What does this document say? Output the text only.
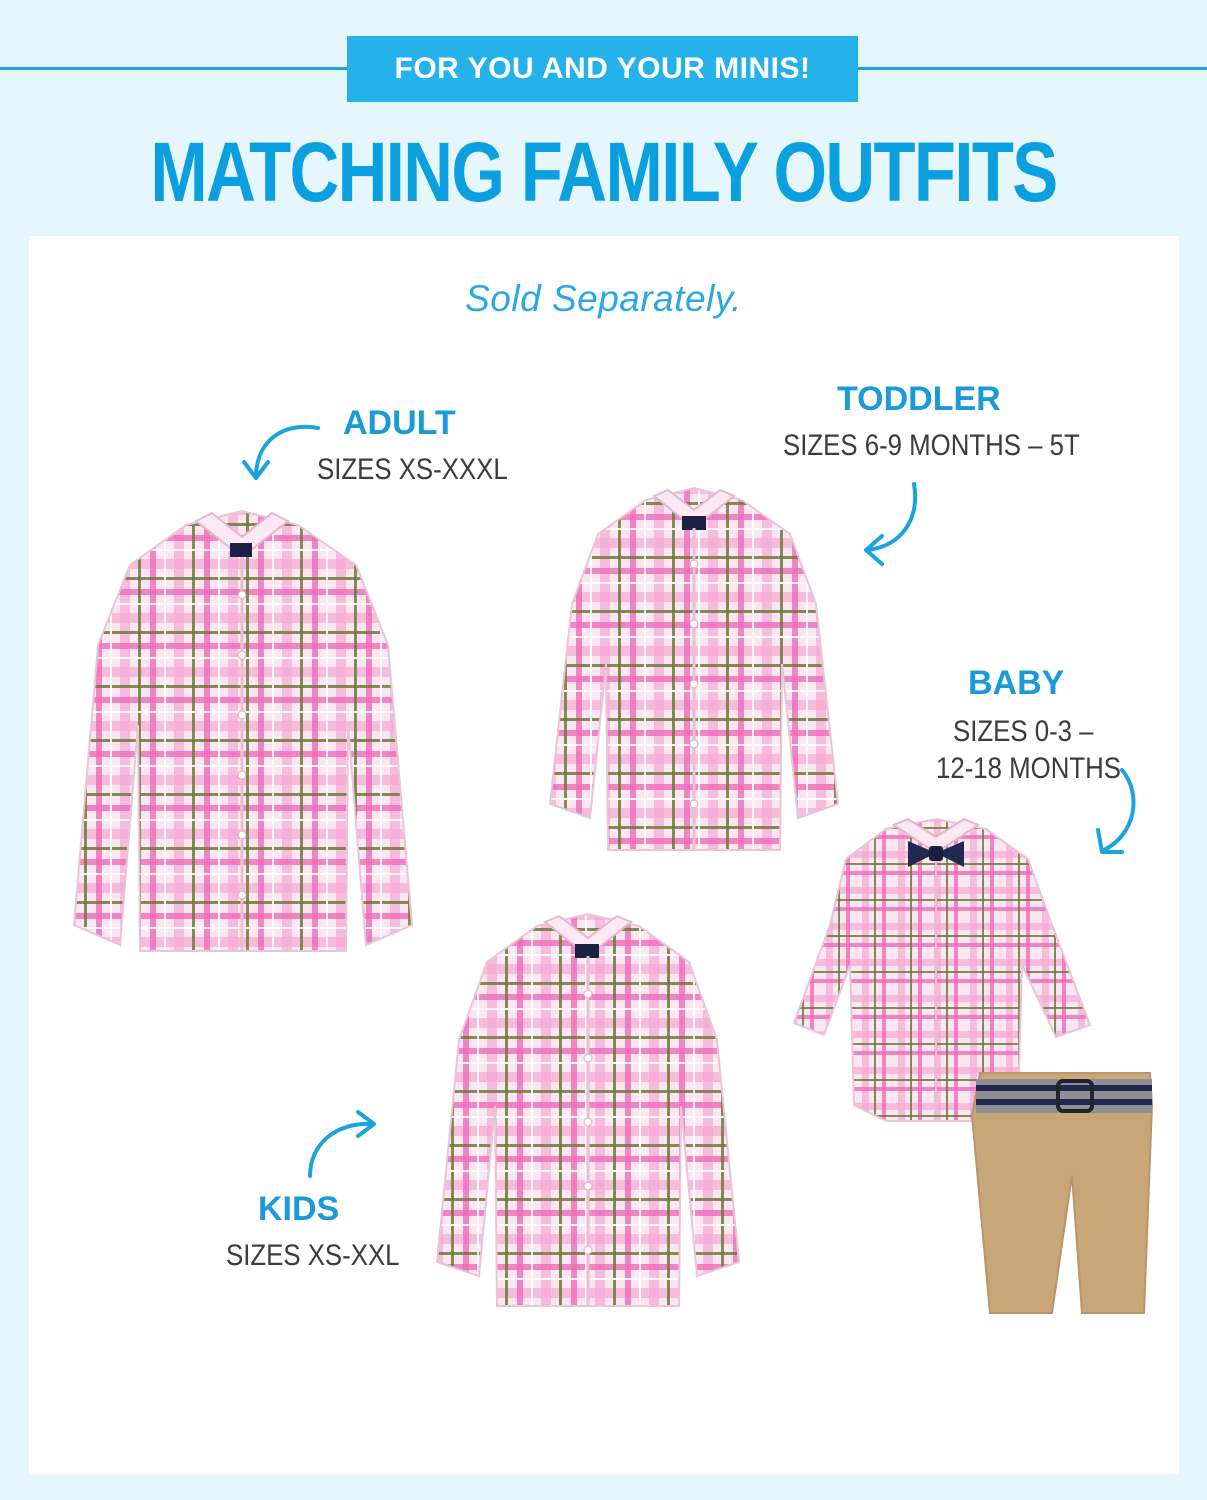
FOR YOU AND YOUR MINIS!
MATCHING FAMILY OUTFITS
Sold Separately.
ADULT
SIZES XS-XXXL
TODDLER
SIZES 6-9 MONTHS – 5T
BABY
SIZES 0-3 –
12-18 MONTHS
KIDS
SIZES XS-XXL
